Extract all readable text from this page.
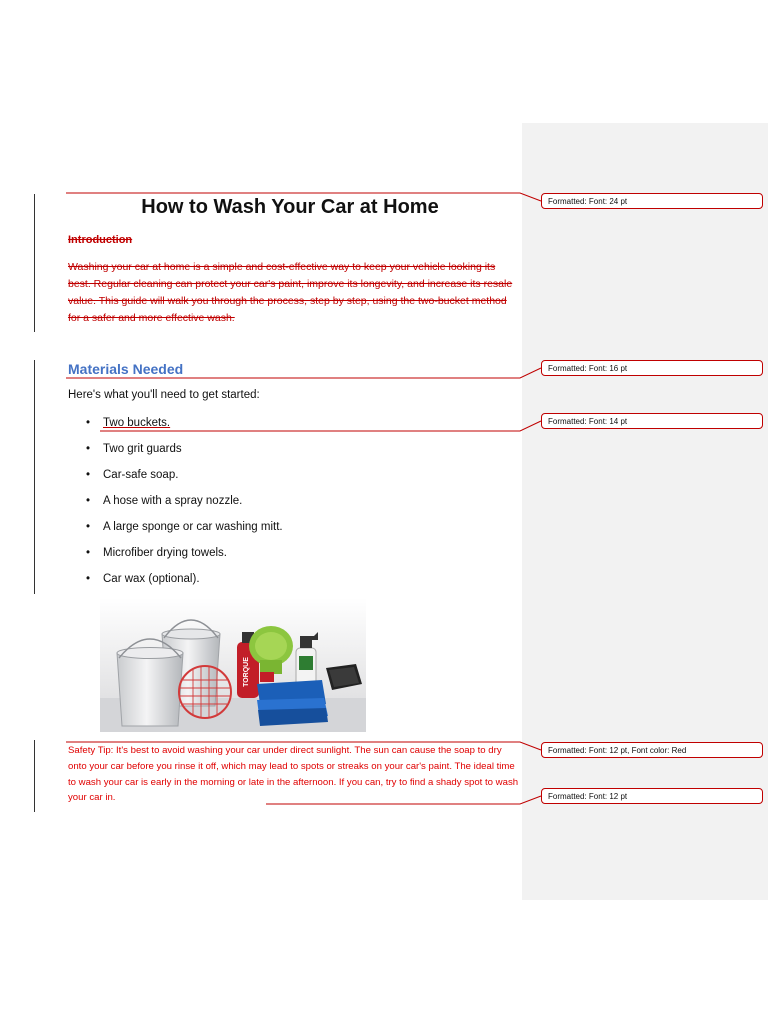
How to Wash Your Car at Home
Introduction
Washing your car at home is a simple and cost-effective way to keep your vehicle looking its best. Regular cleaning can protect your car's paint, improve its longevity, and increase its resale value. This guide will walk you through the process, step by step, using the two-bucket method for a safer and more effective wash.
Materials Needed
Here's what you'll need to get started:
• Two buckets.
• Two grit guards
• Car-safe soap.
• A hose with a spray nozzle.
• A large sponge or car washing mitt.
• Microfiber drying towels.
• Car wax (optional).
TORQUE
Safety Tip: It's best to avoid washing your car under direct sunlight. The sun can cause the soap to dry onto your car before you rinse it off, which may lead to spots or streaks on your car's paint. The ideal time to wash your car is early in the morning or late in the afternoon. If you can, try to find a shady spot to wash your car in.
Formatted: Font: 24 pt
Formatted: Font: 16 pt
Formatted: Font: 14 pt
Formatted: Font: 12 pt, Font color: Red
Formatted: Font: 12 pt
